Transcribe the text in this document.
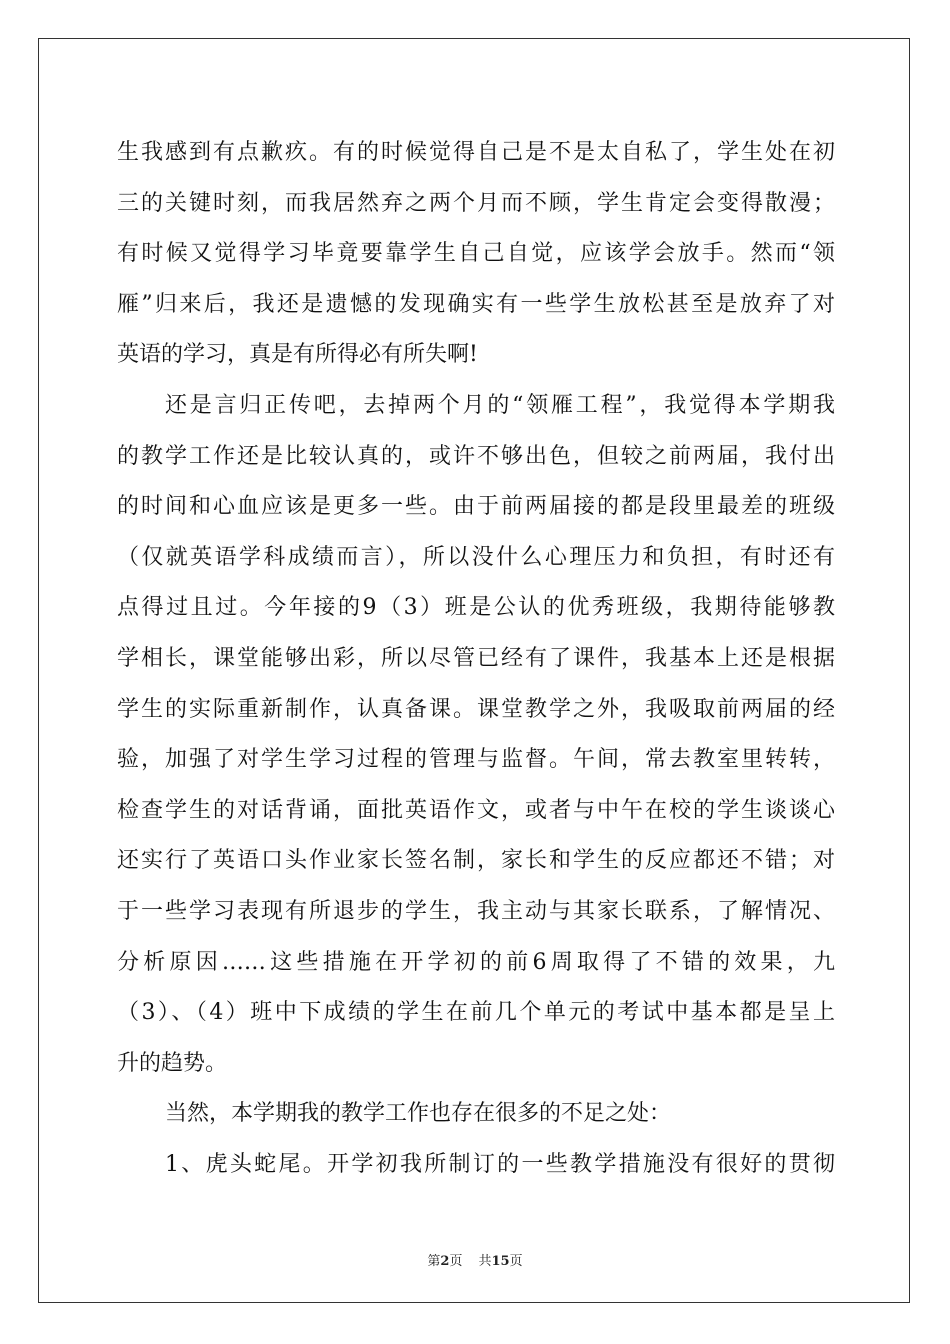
生我感到有点歉疚。有的时候觉得自己是不是太自私了，学生处在初
三的关键时刻，而我居然弃之两个月而不顾，学生肯定会变得散漫；
有时候又觉得学习毕竟要靠学生自己自觉，应该学会放手。然而“领
雁”归来后，我还是遗憾的发现确实有一些学生放松甚至是放弃了对
英语的学习，真是有所得必有所失啊!
还是言归正传吧，去掉两个月的“领雁工程”，我觉得本学期我
的教学工作还是比较认真的，或许不够出色，但较之前两届，我付出
的时间和心血应该是更多一些。由于前两届接的都是段里最差的班级
（仅就英语学科成绩而言），所以没什么心理压力和负担，有时还有
点得过且过。今年接的9（3）班是公认的优秀班级，我期待能够教
学相长，课堂能够出彩，所以尽管已经有了课件，我基本上还是根据
学生的实际重新制作，认真备课。课堂教学之外，我吸取前两届的经
验，加强了对学生学习过程的管理与监督。午间，常去教室里转转，
检查学生的对话背诵，面批英语作文，或者与中午在校的学生谈谈心
还实行了英语口头作业家长签名制，家长和学生的反应都还不错；对
于一些学习表现有所退步的学生，我主动与其家长联系，了解情况、
分析原因……这些措施在开学初的前6周取得了不错的效果，九
（3）、（4）班中下成绩的学生在前几个单元的考试中基本都是呈上
升的趋势。
当然，本学期我的教学工作也存在很多的不足之处：
1、虎头蛇尾。开学初我所制订的一些教学措施没有很好的贯彻
第2页 共15页
